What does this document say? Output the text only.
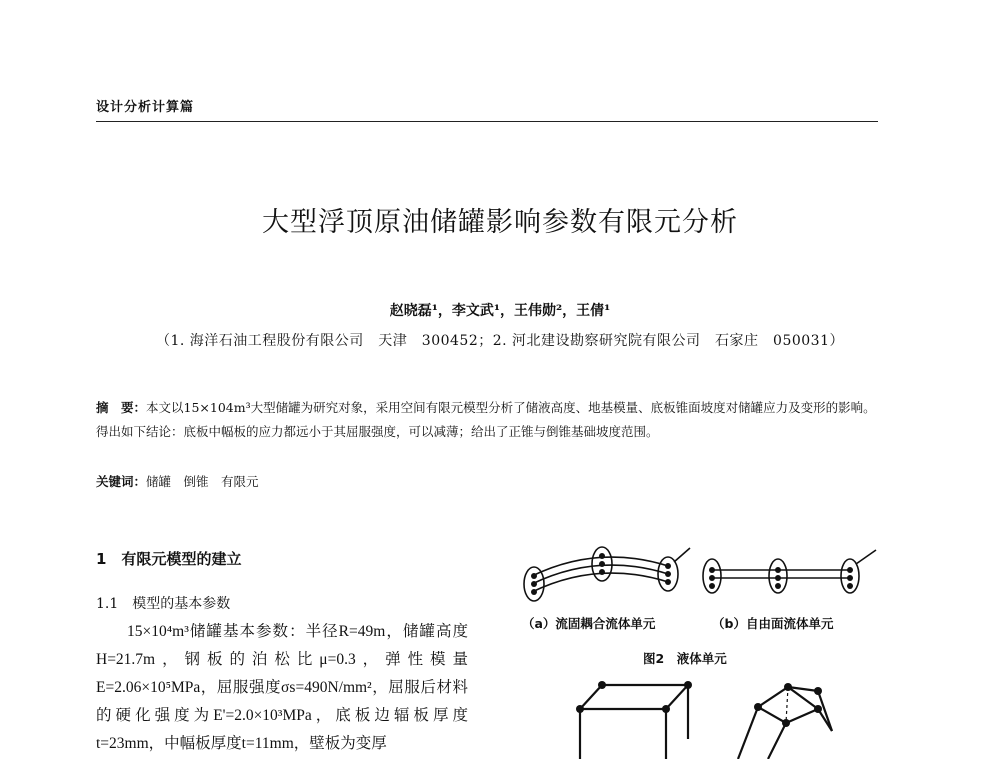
设计分析计算篇
大型浮顶原油储罐影响参数有限元分析
赵晓磊¹，李文武¹，王伟勋²，王倩¹
（1. 海洋石油工程股份有限公司　天津　300452；2. 河北建设勘察研究院有限公司　石家庄　050031）
摘　要：本文以15×104m³大型储罐为研究对象，采用空间有限元模型分析了储液高度、地基模量、底板锥面坡度对储罐应力及变形的影响。得出如下结论：底板中幅板的应力都远小于其屈服强度，可以减薄；给出了正锥与倒锥基础坡度范围。
关键词：储罐　倒锥　有限元
1　有限元模型的建立
1.1　模型的基本参数
15×10⁴m³储罐基本参数：半径R=49m，储罐高度H=21.7m，钢板的泊松比μ=0.3，弹性模量E=2.06×10⁵MPa，屈服强度σs=490N/mm²，屈服后材料的硬化强度为E'=2.0×10³MPa，底板边辐板厚度t=23mm，中幅板厚度t=11mm，壁板为变厚
（a）流固耦合流体单元	（b）自由面流体单元
图2　液体单元
